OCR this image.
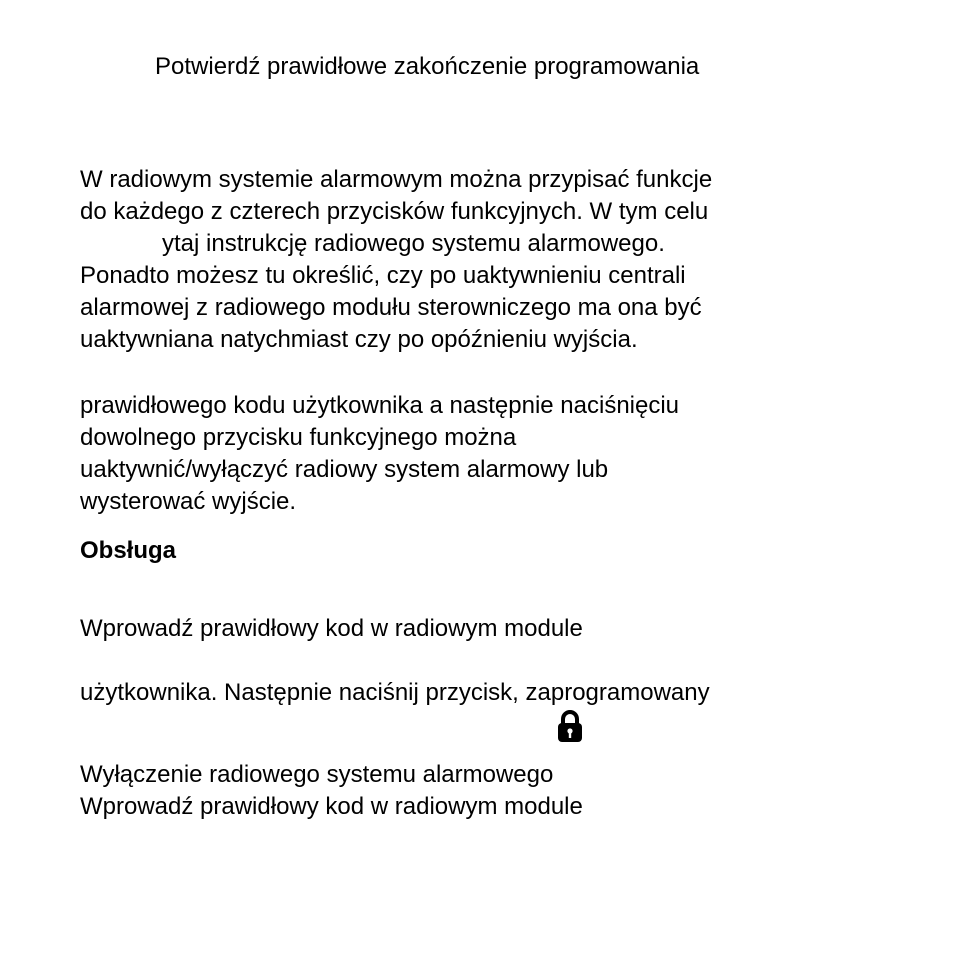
Potwierdź prawidłowe zakończenie programowania
W radiowym systemie alarmowym można przypisać funkcje
do każdego z czterech przycisków funkcyjnych. W tym celu
ytaj instrukcję radiowego systemu alarmowego.
Ponadto możesz tu określić, czy po uaktywnieniu centrali
alarmowej z radiowego modułu sterowniczego ma ona być
uaktywniana natychmiast czy po opóźnieniu wyjścia.
prawidłowego kodu użytkownika a następnie naciśnięciu
dowolnego przycisku funkcyjnego można
uaktywnić/wyłączyć radiowy system alarmowy lub
wysterować wyjście.
Obsługa
Wprowadź prawidłowy kod w radiowym module
użytkownika. Następnie naciśnij przycisk, zaprogramowany
Wyłączenie radiowego systemu alarmowego
Wprowadź prawidłowy kod w radiowym module
